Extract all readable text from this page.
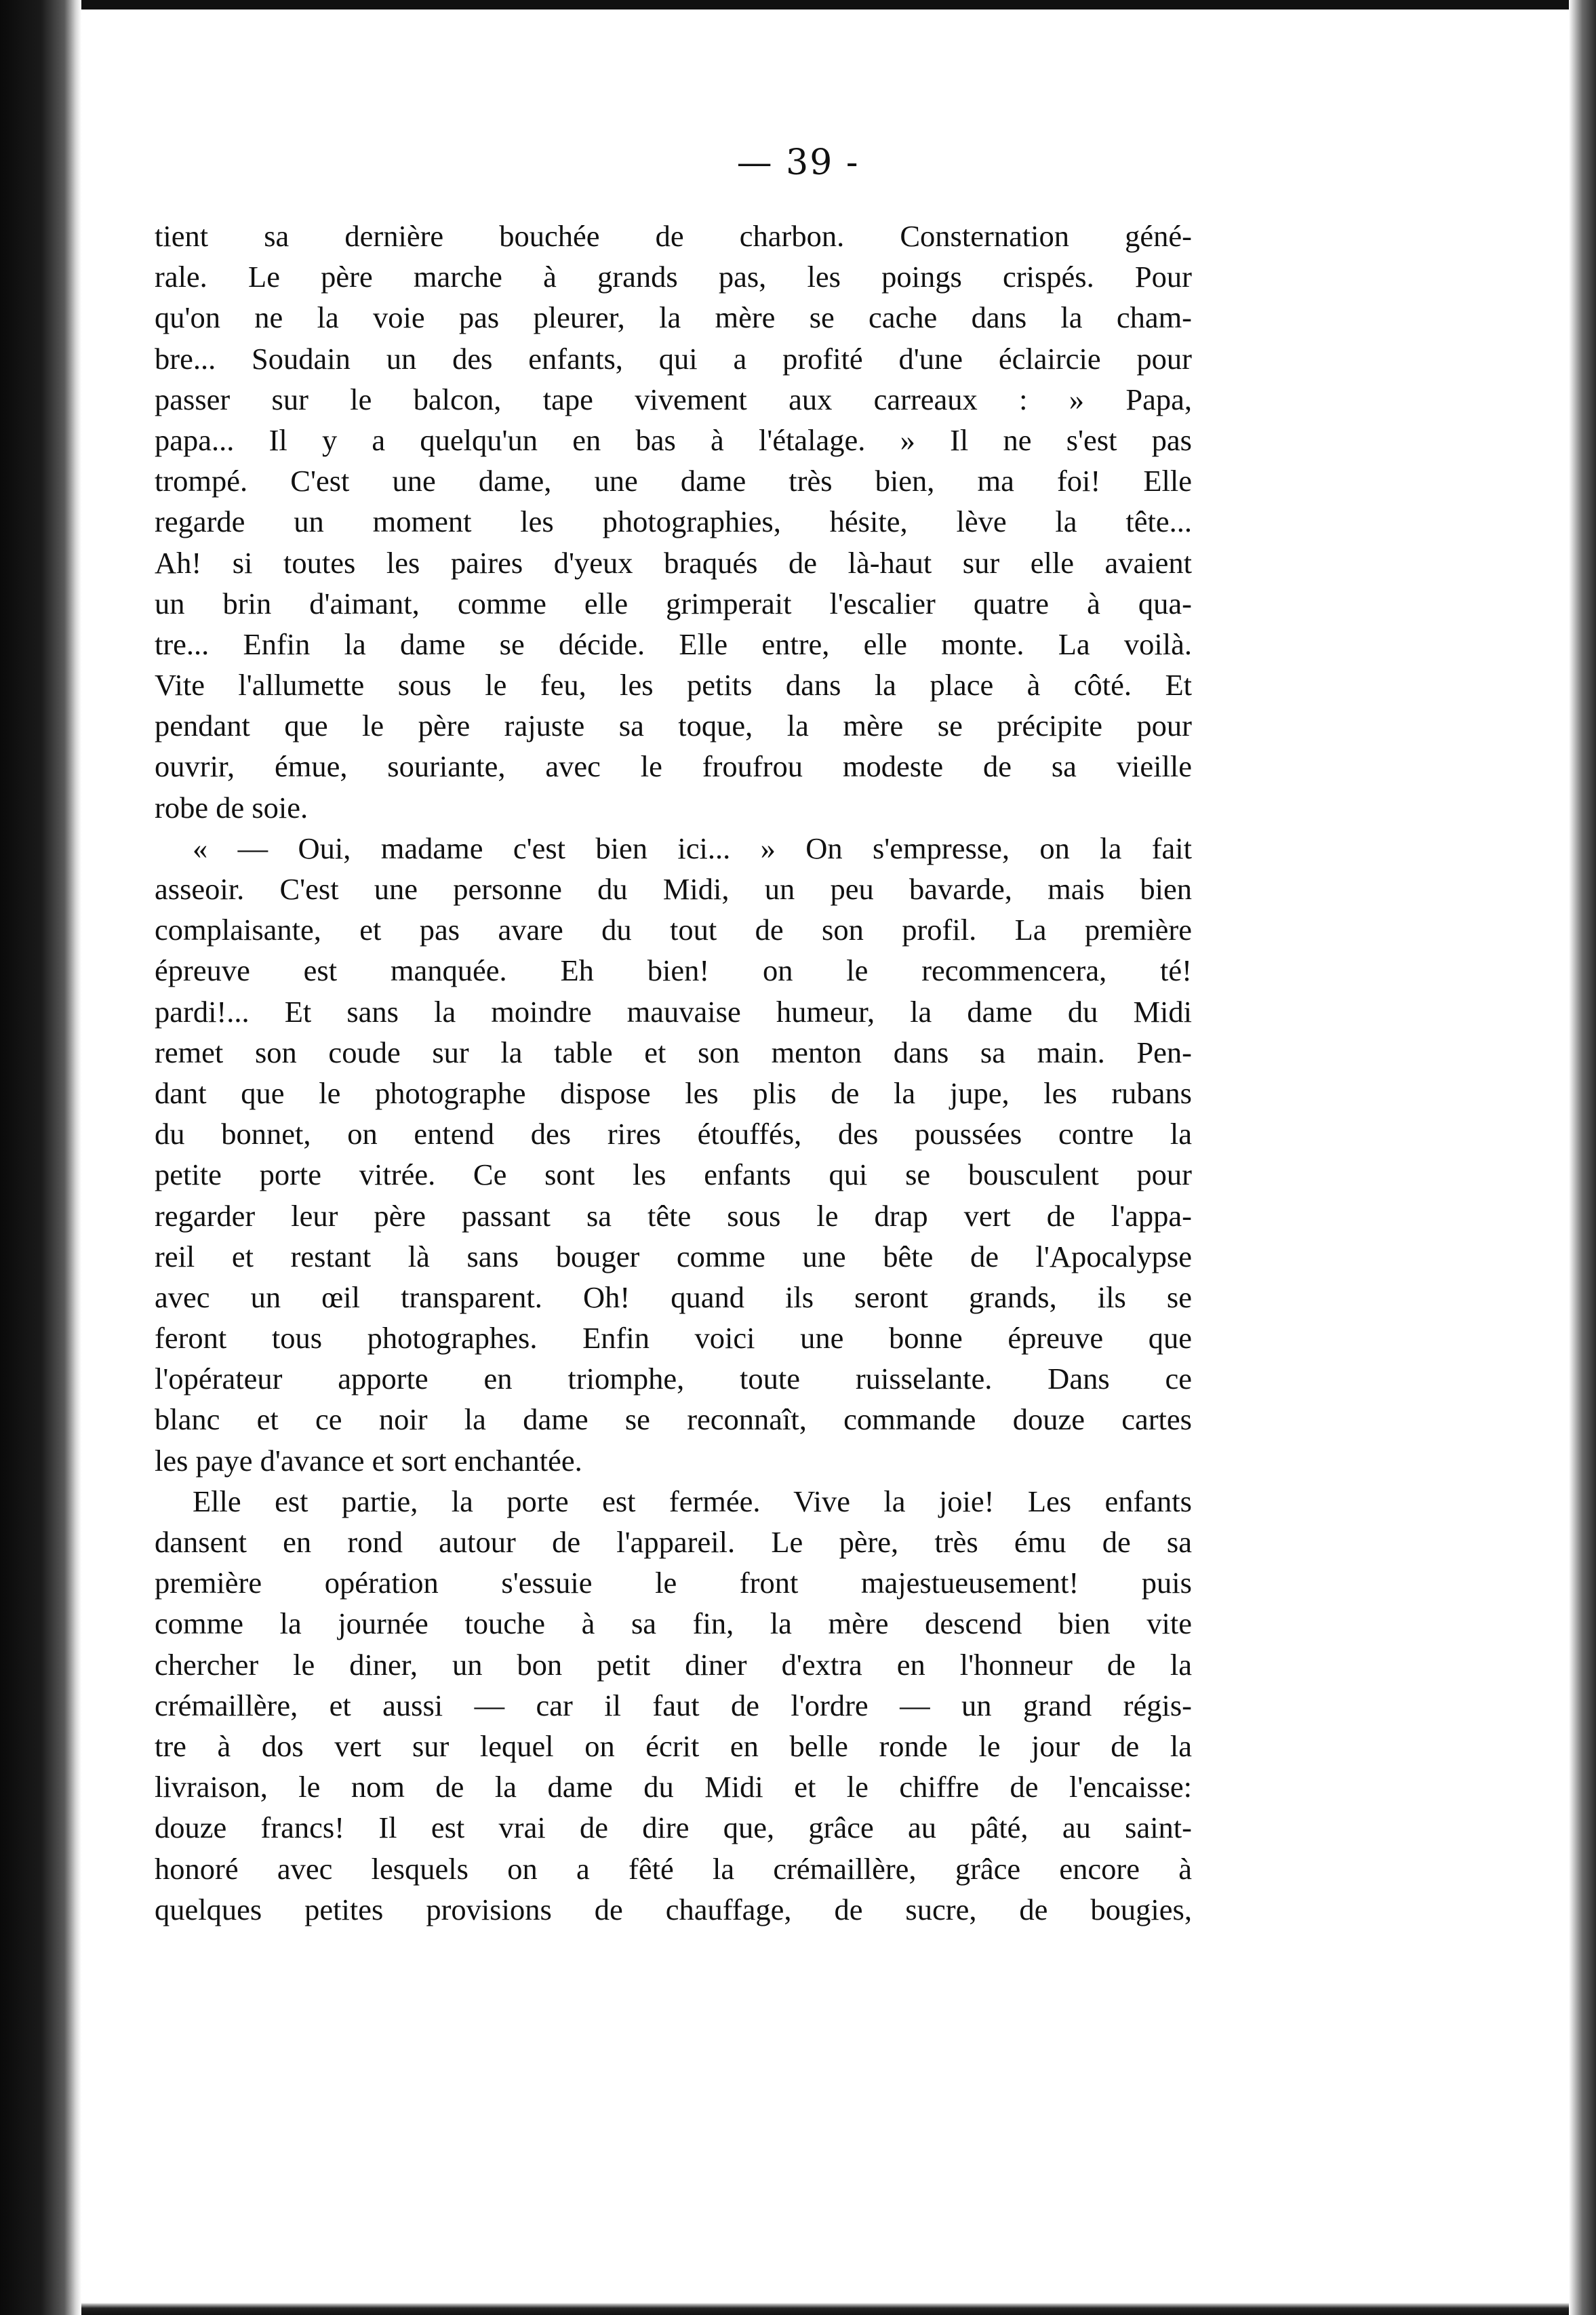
— 39 -
tient sa dernière bouchée de charbon. Consternation géné-
rale. Le père marche à grands pas, les poings crispés. Pour
qu'on ne la voie pas pleurer, la mère se cache dans la cham-
bre... Soudain un des enfants, qui a profité d'une éclaircie pour
passer sur le balcon, tape vivement aux carreaux : » Papa,
papa... Il y a quelqu'un en bas à l'étalage. » Il ne s'est pas
trompé. C'est une dame, une dame très bien, ma foi! Elle
regarde un moment les photographies, hésite, lève la tête...
Ah! si toutes les paires d'yeux braqués de là-haut sur elle avaient
un brin d'aimant, comme elle grimperait l'escalier quatre à qua-
tre... Enfin la dame se décide. Elle entre, elle monte. La voilà.
Vite l'allumette sous le feu, les petits dans la place à côté. Et
pendant que le père rajuste sa toque, la mère se précipite pour
ouvrir, émue, souriante, avec le froufrou modeste de sa vieille
robe de soie.
« — Oui, madame c'est bien ici... » On s'empresse, on la fait
asseoir. C'est une personne du Midi, un peu bavarde, mais bien
complaisante, et pas avare du tout de son profil. La première
épreuve est manquée. Eh bien! on le recommencera, té!
pardi!... Et sans la moindre mauvaise humeur, la dame du Midi
remet son coude sur la table et son menton dans sa main. Pen-
dant que le photographe dispose les plis de la jupe, les rubans
du bonnet, on entend des rires étouffés, des poussées contre la
petite porte vitrée. Ce sont les enfants qui se bousculent pour
regarder leur père passant sa tête sous le drap vert de l'appa-
reil et restant là sans bouger comme une bête de l'Apocalypse
avec un œil transparent. Oh! quand ils seront grands, ils se
feront tous photographes. Enfin voici une bonne épreuve que
l'opérateur apporte en triomphe, toute ruisselante. Dans ce
blanc et ce noir la dame se reconnaît, commande douze cartes
les paye d'avance et sort enchantée.
Elle est partie, la porte est fermée. Vive la joie! Les enfants
dansent en rond autour de l'appareil. Le père, très ému de sa
première opération s'essuie le front majestueusement! puis
comme la journée touche à sa fin, la mère descend bien vite
chercher le diner, un bon petit diner d'extra en l'honneur de la
crémaillère, et aussi — car il faut de l'ordre — un grand régis-
tre à dos vert sur lequel on écrit en belle ronde le jour de la
livraison, le nom de la dame du Midi et le chiffre de l'encaisse:
douze francs! Il est vrai de dire que, grâce au pâté, au saint-
honoré avec lesquels on a fêté la crémaillère, grâce encore à
quelques petites provisions de chauffage, de sucre, de bougies,
